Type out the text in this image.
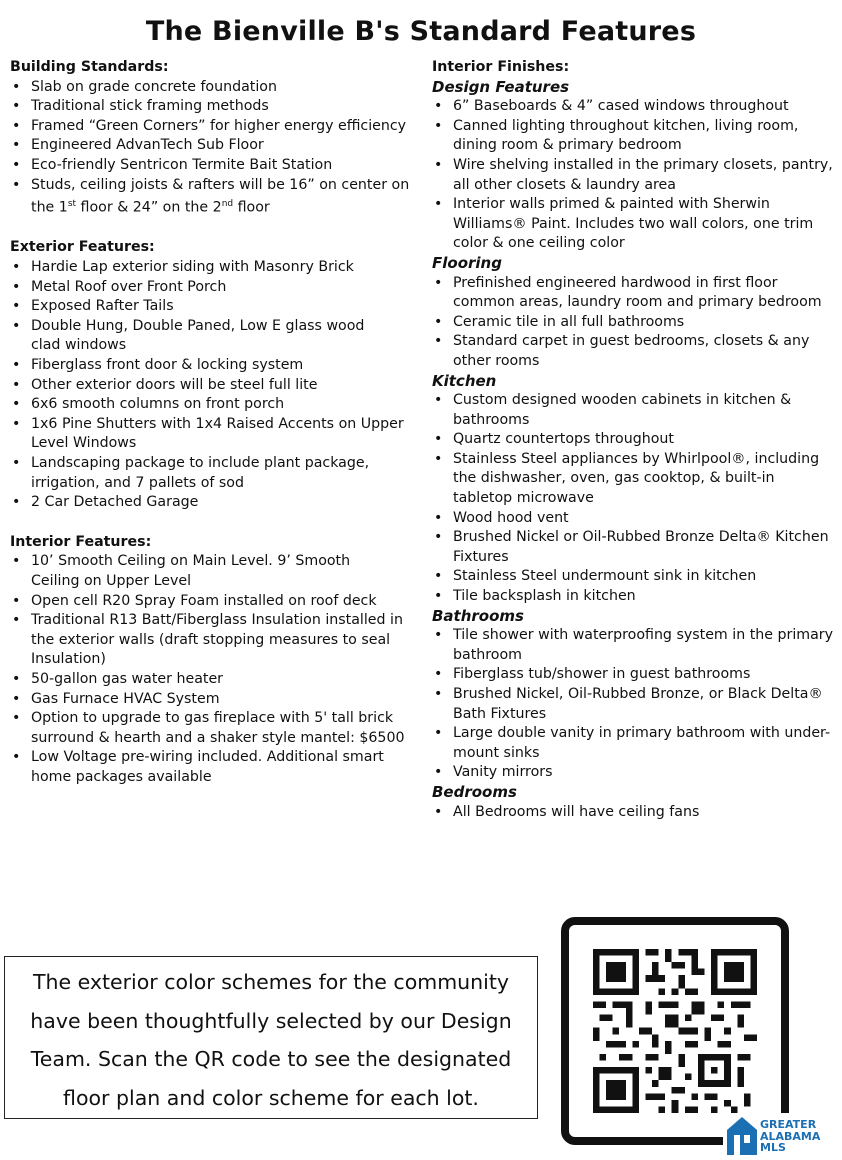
The Bienville B's Standard Features
Building Standards:
• Slab on grade concrete foundation
• Traditional stick framing methods
• Framed “Green Corners” for higher energy efficiency
• Engineered AdvanTech Sub Floor
• Eco-friendly Sentricon Termite Bait Station
• Studs, ceiling joists & rafters will be 16” on center on the 1st floor & 24” on the 2nd floor
Exterior Features:
• Hardie Lap exterior siding with Masonry Brick
• Metal Roof over Front Porch
• Exposed Rafter Tails
• Double Hung, Double Paned, Low E glass wood clad windows
• Fiberglass front door & locking system
• Other exterior doors will be steel full lite
• 6x6 smooth columns on front porch
• 1x6 Pine Shutters with 1x4 Raised Accents on Upper Level Windows
• Landscaping package to include plant package, irrigation, and 7 pallets of sod
• 2 Car Detached Garage
Interior Features:
• 10’ Smooth Ceiling on Main Level. 9’ Smooth Ceiling on Upper Level
• Open cell R20 Spray Foam installed on roof deck
• Traditional R13 Batt/Fiberglass Insulation installed in the exterior walls (draft stopping measures to seal Insulation)
• 50-gallon gas water heater
• Gas Furnace HVAC System
• Option to upgrade to gas fireplace with 5' tall brick surround & hearth and a shaker style mantel: $6500
• Low Voltage pre-wiring included. Additional smart home packages available
Interior Finishes:
Design Features
• 6” Baseboards & 4” cased windows throughout
• Canned lighting throughout kitchen, living room, dining room & primary bedroom
• Wire shelving installed in the primary closets, pantry, all other closets & laundry area
• Interior walls primed & painted with Sherwin Williams® Paint. Includes two wall colors, one trim color & one ceiling color
Flooring
• Prefinished engineered hardwood in first floor common areas, laundry room and primary bedroom
• Ceramic tile in all full bathrooms
• Standard carpet in guest bedrooms, closets & any other rooms
Kitchen
• Custom designed wooden cabinets in kitchen & bathrooms
• Quartz countertops throughout
• Stainless Steel appliances by Whirlpool®, including the dishwasher, oven, gas cooktop, & built-in tabletop microwave
• Wood hood vent
• Brushed Nickel or Oil-Rubbed Bronze Delta® Kitchen Fixtures
• Stainless Steel undermount sink in kitchen
• Tile backsplash in kitchen
Bathrooms
• Tile shower with waterproofing system in the primary bathroom
• Fiberglass tub/shower in guest bathrooms
• Brushed Nickel, Oil-Rubbed Bronze, or Black Delta® Bath Fixtures
• Large double vanity in primary bathroom with under-mount sinks
• Vanity mirrors
Bedrooms
• All Bedrooms will have ceiling fans
The exterior color schemes for the community
have been thoughtfully selected by our Design
Team. Scan the QR code to see the designated
floor plan and color scheme for each lot.
GREATER
ALABAMA
MLS
